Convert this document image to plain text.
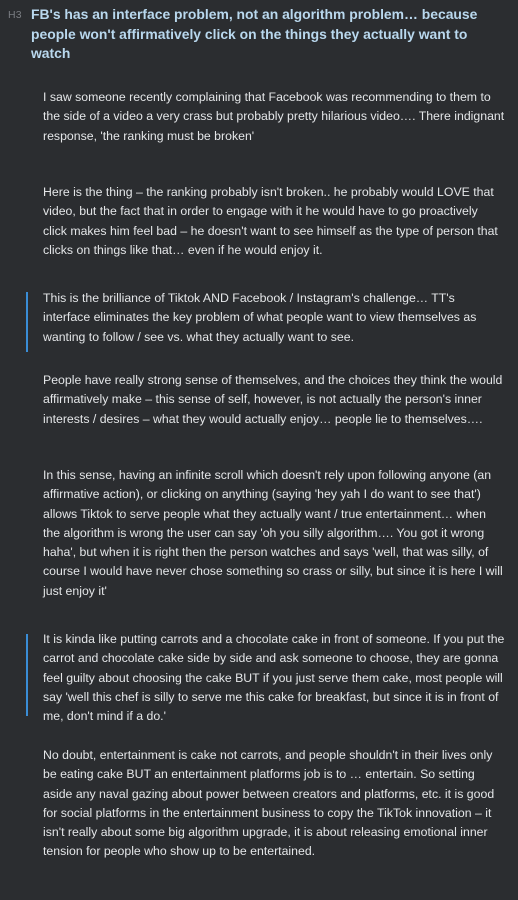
H3 FB's has an interface problem, not an algorithm problem… because people won't affirmatively click on the things they actually want to watch
I saw someone recently complaining that Facebook was recommending to them to the side of a video a very crass but probably pretty hilarious video…. There indignant response, 'the ranking must be broken'
Here is the thing – the ranking probably isn't broken.. he probably would LOVE that video, but the fact that in order to engage with it he would have to go proactively click makes him feel bad – he doesn't want to see himself as the type of person that clicks on things like that… even if he would enjoy it.
This is the brilliance of Tiktok AND Facebook / Instagram's challenge… TT's interface eliminates the key problem of what people want to view themselves as wanting to follow / see vs. what they actually want to see.
People have really strong sense of themselves, and the choices they think the would affirmatively make – this sense of self, however, is not actually the person's inner interests / desires – what they would actually enjoy… people lie to themselves….
In this sense, having an infinite scroll which doesn't rely upon following anyone (an affirmative action), or clicking on anything (saying 'hey yah I do want to see that') allows Tiktok to serve people what they actually want / true entertainment… when the algorithm is wrong the user can say 'oh you silly algorithm…. You got it wrong haha', but when it is right then the person watches and says 'well, that was silly, of course I would have never chose something so crass or silly, but since it is here I will just enjoy it'
It is kinda like putting carrots and a chocolate cake in front of someone. If you put the carrot and chocolate cake side by side and ask someone to choose, they are gonna feel guilty about choosing the cake BUT if you just serve them cake, most people will say 'well this chef is silly to serve me this cake for breakfast, but since it is in front of me, don't mind if a do.'
No doubt, entertainment is cake not carrots, and people shouldn't in their lives only be eating cake BUT an entertainment platforms job is to … entertain. So setting aside any naval gazing about power between creators and platforms, etc. it is good for social platforms in the entertainment business to copy the TikTok innovation – it isn't really about some big algorithm upgrade, it is about releasing emotional inner tension for people who show up to be entertained.
